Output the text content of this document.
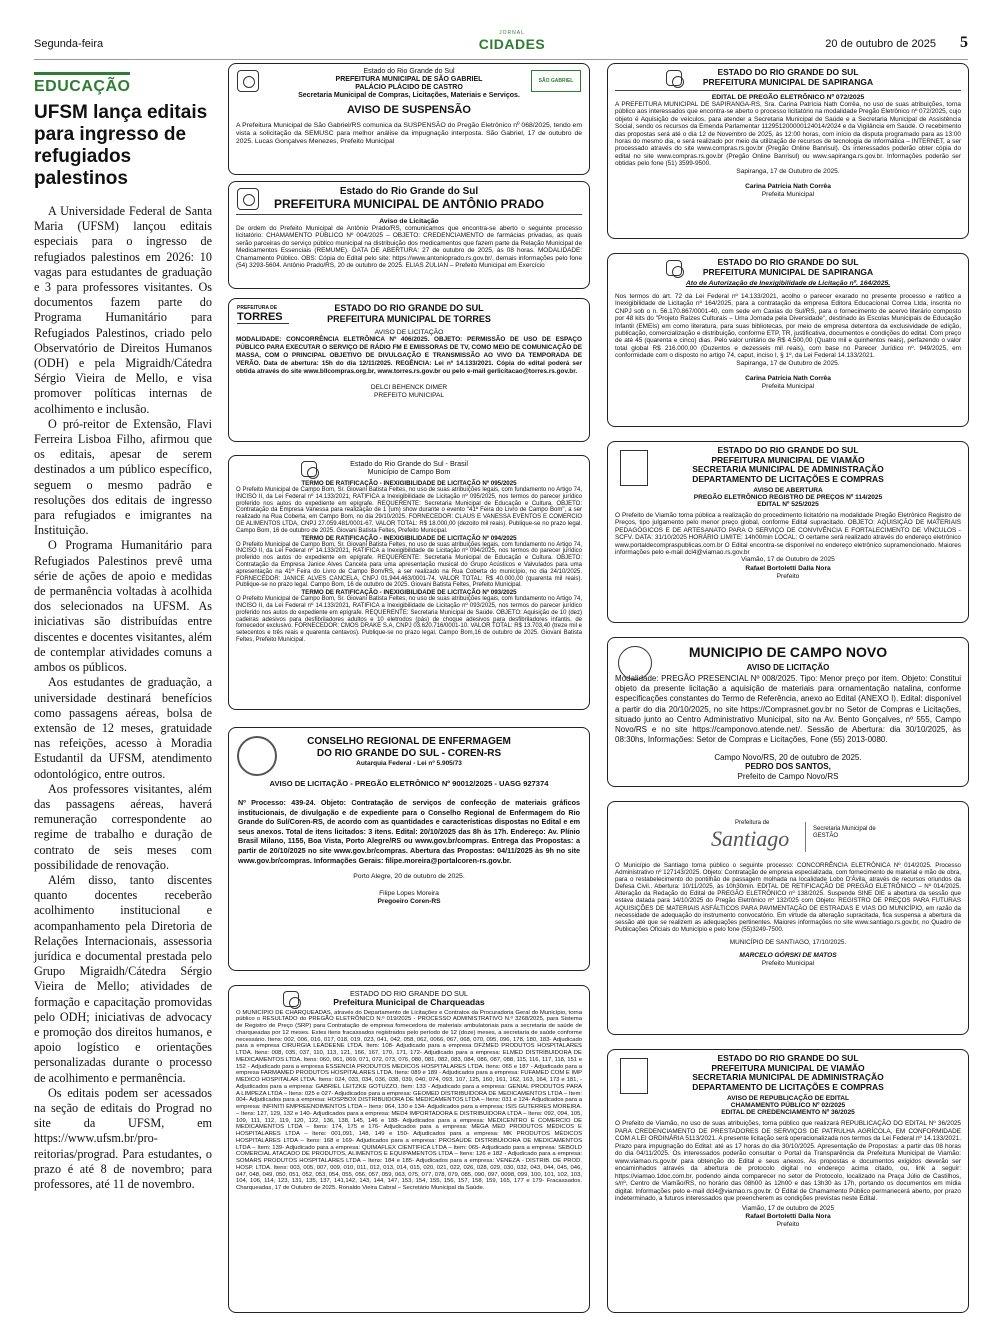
Segunda-feira
JORNAL
CIDADES	20 de outubro de 2025 5
EDUCAÇÃO
UFSM lança editais para ingresso de refugiados palestinos

A Universidade Federal de Santa Maria (UFSM) lançou editais especiais para o ingresso de refugiados palestinos em 2026: 10 vagas para estudantes de graduação e 3 para professores visitantes. Os documentos fazem parte do Programa Humanitário para Refugiados Palestinos, criado pelo Observatório de Direitos Humanos (ODH) e pela Migraidh/Cátedra Sérgio Vieira de Mello, e visa promover políticas internas de acolhimento e inclusão.

O pró-reitor de Extensão, Flavi Ferreira Lisboa Filho, afirmou que os editais, apesar de serem destinados a um público específico, seguem o mesmo padrão e resoluções dos editais de ingresso para refugiados e imigrantes na Instituição.

O Programa Humanitário para Refugiados Palestinos prevê uma série de ações de apoio e medidas de permanência voltadas à acolhida dos selecionados na UFSM. As iniciativas são distribuídas entre discentes e docentes visitantes, além de contemplar atividades comuns a ambos os públicos.

Aos estudantes de graduação, a universidade destinará benefícios como passagens aéreas, bolsa de extensão de 12 meses, gratuidade nas refeições, acesso à Moradia Estudantil da UFSM, atendimento odontológico, entre outros.

Aos professores visitantes, além das passagens aéreas, haverá remuneração correspondente ao regime de trabalho e duração de contrato de seis meses com possibilidade de renovação.

Além disso, tanto discentes quanto docentes receberão acolhimento institucional e acompanhamento pela Diretoria de Relações Internacionais, assessoria jurídica e documental prestada pelo Grupo Migraidh/Cátedra Sérgio Vieira de Mello; atividades de formação e capacitação promovidas pelo ODH; iniciativas de advocacy e promoção dos direitos humanos, e apoio logístico e orientações personalizadas durante o processo de acolhimento e permanência.

Os editais podem ser acessados na seção de editais do Prograd no site da UFSM, em https://www.ufsm.br/pro-reitorias/prograd. Para estudantes, o prazo é até 8 de novembro; para professores, até 11 de novembro.

SÃO GABRIEL
Estado do Rio Grande do Sul
PREFEITURA MUNICIPAL DE SÃO GABRIEL
PALÁCIO PLÁCIDO DE CASTRO
Secretaria Municipal de Compras, Licitações, Materiais e Serviços.
AVISO DE SUSPENSÃO
A Prefeitura Municipal de São Gabriel/RS comunica da SUSPENSÃO do Pregão Eletrônico nº 068/2025, tendo em vista a solicitação da SEMUSC para melhor análise da impugnação interposta. São Gabriel, 17 de outubro de 2025. Lucas Gonçalves Menezes, Prefeito Municipal
Estado do Rio Grande do Sul
PREFEITURA MUNICIPAL DE ANTÔNIO PRADO
Aviso de Licitação
De ordem do Prefeito Municipal de Antônio Prado/RS, comunicamos que encontra-se aberto o seguinte processo licitatório: CHAMAMENTO PÚBLICO Nº 004/2025 – OBJETO: CREDENCIAMENTO de farmácias privadas, as quais serão parceiras do serviço público municipal na distribuição dos medicamentos que fazem parte da Relação Municipal de Medicamentos Essenciais (REMUME). DATA DE ABERTURA: 27 de outubro de 2025, às 08 horas. MODALIDADE: Chamamento Público. OBS: Cópia do Edital pelo site: https://www.antonioprado.rs.gov.br/, demais informações pelo fone (54) 3293-5604. Antônio Prado/RS, 20 de outubro de 2025. ELIAS ZULIAN – Prefeito Municipal em Exercício
PREFEITURA DE
TORRES
ESTADO DO RIO GRANDE DO SUL
PREFEITURA MUNICIPAL DE TORRES
AVISO DE LICITAÇÃO
MODALIDADE: CONCORRÊNCIA ELETRÔNICA Nº 406/2025. OBJETO: PERMISSÃO DE USO DE ESPAÇO PÚBLICO PARA EXECUTAR O SERVIÇO DE RÁDIO FM E EMISSORAS DE TV, COMO MEIO DE COMUNICAÇÃO DE MASSA, COM O PRINCIPAL OBJETIVO DE DIVULGAÇÃO E TRANSMISSÃO AO VIVO DA TEMPORADA DE VERÃO. Data de abertura: 15h do dia 12/11/2025. REGÊNCIA: Lei nº 14.133/2021. Cópia do edital poderá ser obtida através do site www.bllcompras.org.br, www.torres.rs.gov.br ou pelo e-mail gerlicitacao@torres.rs.gov.br.
DELCI BEHENCK DIMER
PREFEITO MUNICIPAL
Estado do Rio Grande do Sul - Brasil
Município de Campo Bom
TERMO DE RATIFICAÇÃO - INEXIGIBILIDADE DE LICITAÇÃO Nº 095/2025
O Prefeito Municipal de Campo Bom, Sr. Giovani Batista Feltes, no uso de suas atribuições legais, com fundamento no Artigo 74, INCISO II, da Lei Federal nº 14.133/2021, RATIFICA a Inexigibilidade de Licitação nº 095/2025, nos termos do parecer jurídico proferido nos autos do expediente em epígrafe. REQUERENTE: Secretaria Municipal de Educação e Cultura. OBJETO: Contratação da Empresa Vanessa para realização de 1 (um) show durante o evento "41ª Feira do Livro de Campo Bom", a ser realizado na Rua Coberta, em Campo Bom, no dia 29/10/2025. FORNECEDOR: CLAUS E VANESSA EVENTOS E COMERCIO DE ALIMENTOS LTDA, CNPJ 27.059.481/0001-67. VALOR TOTAL: R$ 18.000,00 (dezoito mil reais). Publique-se no prazo legal. Campo Bom, 16 de outubro de 2025. Giovani Batista Feltes, Prefeito Municipal.
TERMO DE RATIFICAÇÃO - INEXIGIBILIDADE DE LICITAÇÃO Nº 094/2025
O Prefeito Municipal de Campo Bom, Sr. Giovani Batista Feltes, no uso de suas atribuições legais, com fundamento no Artigo 74, INCISO II, da Lei Federal nº 14.133/2021, RATIFICA a Inexigibilidade de Licitação nº 094/2025, nos termos do parecer jurídico proferido nos autos do expediente em epígrafe. REQUERENTE: Secretaria Municipal de Educação e Cultura. OBJETO: Contratação da Empresa Janice Alves Cancela para uma apresentação musical do Grupo Acústicos e Valvulados para uma apresentação na 41ª Feira do Livro de Campo Bom/RS, a ser realizado na Rua Coberta do município, no dia 24/10/2025. FORNECEDOR: JANICE ALVES CANCELA, CNPJ 01.944.463/0001-74. VALOR TOTAL: R$ 40.000,00 (quarenta mil reais). Publique-se no prazo legal. Campo Bom, 16 de outubro de 2025. Giovani Batista Feltes, Prefeito Municipal.
TERMO DE RATIFICAÇÃO - INEXIGIBILIDADE DE LICITAÇÃO Nº 093/2025
O Prefeito Municipal de Campo Bom, Sr. Giovani Batista Feltes, no uso de suas atribuições legais, com fundamento no Artigo 74, INCISO II, da Lei Federal nº 14.133/2021, RATIFICA a Inexigibilidade de Licitação nº 093/2025, nos termos do parecer jurídico proferido nos autos do expediente em epígrafe. REQUERENTE: Secretaria Municipal de Saúde. OBJETO: Aquisição de 10 (dez) cadeiras adesivos para desfibriladores adultos e 10 eletrodos (pás) de choque adesivos para desfibriladores infantis, de fornecedor exclusivo. FORNECEDOR: CMOS DRAKE S.A, CNPJ 03.620.716/0001-10. VALOR TOTAL: R$ 13.703,40 (treze mil e setecentos e três reais e quarenta centavos). Publique-se no prazo legal. Campo Bom,16 de outubro de 2025. Giovani Batista Feltes, Prefeito Municipal.
CONSELHO REGIONAL DE ENFERMAGEM
DO RIO GRANDE DO SUL - COREN-RS
Autarquia Federal - Lei nº 5.905/73
AVISO DE LICITAÇÃO - PREGÃO ELETRÔNICO Nº 90012/2025 - UASG 927374
Nº Processo: 439-24. Objeto: Contratação de serviços de confecção de materiais gráficos institucionais, de divulgação e de expediente para o Conselho Regional de Enfermagem do Rio Grande do Sul/Coren-RS, de acordo com as quantidades e características dispostas no Edital e em seus anexos. Total de itens licitados: 3 itens. Edital: 20/10/2025 das 8h às 17h. Endereço: Av. Plínio Brasil Milano, 1155, Boa Vista, Porto Alegre/RS ou www.gov.br/compras. Entrega das Propostas: a partir de 20/10/2025 no site www.gov.br/compras. Abertura das Propostas: 04/11/2025 às 9h no site www.gov.br/compras. Informações Gerais: filipe.moreira@portalcoren-rs.gov.br.
Porto Alegre, 20 de outubro de 2025.
Filipe Lopes Moreira
Pregoeiro Coren-RS
ESTADO DO RIO GRANDE DO SUL
Prefeitura Municipal de Charqueadas
O MUNICÍPIO DE CHARQUEADAS, através do Departamento de Licitações e Contratos da Procuradoria Geral do Município, torna público o RESULTADO do PREGÃO ELETRÔNICO N.º 019/2025 - PROCESSO ADMINISTRATIVO N.º 3268/2025, para Sistema de Registro de Preço (SRP) para Contratação de empresa fornecedora de materiais ambulatoriais para a secretaria de saúde de charqueadas por 12 meses. Estes itens fracassados registrados pelo período de 12 (doze) meses, a secretaria de saúde conforme necessário. Itens: 002, 006, 016, 017, 018, 019, 023, 041, 042, 058, 062, 0066, 067, 068, 070, 095, 096, 178, 180, 183- Adjudicado para a empresa CIRURGIA LEADEENE LTDA. Item: 108- Adjudicado para a empresa DFZMED PRODUTOS HOSPITALARES LTDA. Itens: 008, 035, 037, 110, 113, 121, 166, 167, 170, 171, 172- Adjudicado para a empresa: ELMED DISTRIBUIDORA DE MEDICAMENTOS LTDA. Itens: 060, 061, 069, 071, 072, 073, 076, 080, 081, 082, 083, 084, 086, 087, 088, 115, 116, 117, 118, 151 e 152 - Adjudicado para a empresa ESSENCIA PRODUTOS MEDICOS HOSPITALARES LTDA. Itens: 065 e 187 - Adjudicado para a empresa FARMAMED PRODUTOS HOSPITALARES LTDA. Itens: 089 e 189 - Adjudicados para a empresa: FUFAMED COM E IMP MEDICO HOSPITALAR LTDA. Itens: 024, 033, 034, 036, 038, 039, 040, 074, 093, 107, 125, 160, 161, 162, 163, 164, 173 e 181, - Adjudicados para a empresa: GABRIEL LEITZKE GOTUZZO. Item: 133 - Adjudicado para a empresa: GENIAL PRODUTOS PARA A LIMPEZA LTDA – Itens: 025 e 027- Adjudicados para a empresa: GEOMED DISTRIBUIDORA DE MEDICAMENTOS LTDA – Item: 004- Adjudicados para a empresa: HOSPBOX DISTRIBUIDORA DE MEDICAMENTOS LTDA – Itens: 031 e 124- Adjudicados para a empresa: INFINITI EMPREENDIMENTOS LTDA – Itens: 064, 130 e 134- Adjudicados para a empresa: ISIS GUTERRES MOREIRA. – Itens: 127, 129, 132 e 140- Adjudicados para a empresa: MED4 IMPORTADORA E DISTRIBUIDORA LTDA – Itens: 092, 094, 105, 109, 111, 112, 119, 120, 122, 136, 138, 145, 146 e 188- Adjudicados para a empresa: MEDICENTRO E COMERCIO DE MEDICAMENTOS LTDA – Itens: 174, 175 e 176- Adjudicados para a empresa: MEGA MED PRODUTOS MÉDICOS E HOSPITALARES LTDA – Itens: 001,091, 148, 149 e 150- Adjudicados para a empresa: MK PRODUTOS MÉDICOS HOSPITALARES LTDA – Itens: 168 e 169- Adjudicados para a empresa: PROSAUDE DISTRIBUIDORA DE MEDICAMENTOS LTDA – Item: 139- Adjudicado para a empresa: QUIMAFLEX CIENTIFICA LTDA – Item: 065- Adjudicado para a empresa: SEBOLD COMERCIAL ATACADO DE PRODUTOS, ALIMENTOS E EQUIPAMENTOS LTDA – Itens: 126 e 182 - Adjudicado para a empresa: SOMARS PRODUTOS HOSPITALARES LTDA – Itens: 184 e 185- Adjudicados para a empresa: VENEZA - DISTRIB. DE PROD. HOSP. LTDA. Itens: 003, 005, 007, 009, 010, 011, 012, 013, 014, 015, 020, 021, 022, 026, 028, 029, 030, 032, 043, 044, 045, 046, 047, 048, 049, 050, 051, 052, 053, 054, 055, 056, 057, 059, 063, 075, 077, 078, 079, 085, 090, 097, 0098, 099, 100, 101, 102, 103, 104, 106, 114, 123, 131, 135, 137, 141,142, 143, 144, 147, 153, 154, 155, 156, 157, 158, 159, 165, 177 e 179- Fracassados. Charqueadas, 17 de Outubro de 2025. Ronaldo Vieira Cabral – Secretário Municipal da Saúde.
ESTADO DO RIO GRANDE DO SUL
PREFEITURA MUNICIPAL DE SAPIRANGA
EDITAL DE PREGÃO ELETRÔNICO Nº 072/2025
A PREFEITURA MUNICIPAL DE SAPIRANGA-RS, Sra. Carina Patrícia Nath Corrêa, no uso de suas atribuições, torna público aos interessados que encontra-se aberto o processo licitatório na modalidade Pregão Eletrônico nº 072/2025, cujo objeto é Aquisição de veículos, para atender a Secretaria Municipal de Saúde e a Secretaria Municipal de Assistência Social, sendo os recursos da Emenda Parlamentar 112951200000124014/2024 e da Vigilância em Saúde. O recebimento das propostas será até o dia 12 de Novembro de 2025, às 12:00 horas, com início da disputa programado para as 13:00 horas do mesmo dia, e será realizado por meio da utilização de recursos de tecnologia de informática – INTERNET, a ser processado através do site www.compras.rs.gov.br (Pregão Online Banrisul). Os interessados poderão obter cópia do edital no site www.compras.rs.gov.br (Pregão Online Banrisul) ou www.sapiranga.rs.gov.br. Informações poderão ser obtidas pelo fone (51) 3599-9500.
Sapiranga, 17 de Outubro de 2025.
Carina Patrícia Nath Corrêa
Prefeita Municipal
ESTADO DO RIO GRANDE DO SUL
PREFEITURA MUNICIPAL DE SAPIRANGA
Ato de Autorização de Inexigibilidade de Licitação nº. 164/2025.
Nos termos do art. 72 da Lei Federal nº 14.133/2021, acolho o parecer exarado no presente processo e ratifico a Inexigibilidade de Licitação nº 164/2025, para a contratação da empresa Editora Educacional Correa Ltda, inscrita no CNPJ sob o n. 56.170.867/0001-40, com sede em Caxias do Sul/RS, para o fornecimento de acervo literário composto por 48 kits do "Projeto Raízes Culturais – Uma Jornada pela Diversidade", destinado às Escolas Municipais de Educação Infantil (EMEIs) em como literatura, para suas bibliotecas, por meio de empresa detentora da exclusividade de edição, publicação, comercialização e distribuição, conforme ETP, TR, justificativa, documentos e condições do edital. Com preço de até 45 (quarenta e cinco) dias. Pelo valor unitário de R$ 4.500,00 (Quatro mil e quinhentos reais), perfazendo o valor total global R$ 216.000,00 (Duzentos e dezesseis mil reais), com base no Parecer Jurídico nº. 949/2025, em conformidade com o disposto no artigo 74, caput, inciso I, § 1º, da Lei Federal 14.133/2021.
Sapiranga, 17 de Outubro de 2025.
Carina Patrícia Nath Corrêa
Prefeita Municipal
ESTADO DO RIO GRANDE DO SUL
PREFEITURA MUNICIPAL DE VIAMÃO
SECRETARIA MUNICIPAL DE ADMINISTRAÇÃO
DEPARTAMENTO DE LICITAÇÕES E COMPRAS
AVISO DE ABERTURA
PREGÃO ELETRÔNICO REGISTRO DE PREÇOS Nº 114/2025
EDITAL Nº 525/2025
O Prefeito de Viamão torna pública a realização do procedimento licitatório na modalidade Pregão Eletrônico Registro de Preços, tipo julgamento pelo menor preço global, conforme Edital supracitado. OBJETO: AQUISIÇÃO DE MATERIAIS PEDAGÓGICOS E DE ARTESANATO PARA O SERVIÇO DE CONVIVÊNCIA E FORTALECIMENTO DE VÍNCULOS - SCFV. DATA: 31/10/2025 HORÁRIO LIMITE: 14h00min LOCAL: O certame será realizado através do endereço eletrônico www.portaldecompraspublicas.com.br O Edital encontra-se disponível no endereço eletrônico supramencionado. Maiores informações pelo e-mail dcl4@viamao.rs.gov.br
Viamão, 17 de Outubro de 2025
Rafael Bortoletti Dalla Nora
Prefeito
MUNICIPIO DE CAMPO NOVO
AVISO DE LICITAÇÃO
Modalidade: PREGÃO PRESENCIAL Nº 008/2025. Tipo: Menor preço por item. Objeto: Constitui objeto da presente licitação a aquisição de materiais para ornamentação natalina, conforme especificações constantes do Termo de Referência, anexo ao Edital (ANEXO I). Edital: disponível a partir do dia 20/10/2025, no site https://Comprasnet.gov.br no Setor de Compras e Licitações, situado junto ao Centro Administrativo Municipal, sito na Av. Bento Gonçalves, nº 555, Campo Novo/RS e no site https://camponovo.atende.net/. Sessão de Abertura: dia 30/10/2025, às 08:30hs, Informações: Setor de Compras e Licitações, Fone (55) 2013-0080.
Campo Novo/RS, 20 de outubro de 2025.
PEDRO DOS SANTOS,
Prefeito de Campo Novo/RS
Prefeitura de
Santiago	Secretaria Municipal de GESTÃO
O Município de Santiago torna público o seguinte processo: CONCORRÊNCIA ELETRÔNICA Nº 014/2025. Processo Administrativo nº 127143/2025. Objeto: Contratação de empresa especializada, com fornecimento de material e mão de obra, para o restabelecimento do pontilhão de passagem molhada na localidade Lobo D'Ávila, através de recursos oriundos da Defesa Civil.. Abertura: 10/11/2025, às 10h30min. EDITAL DE RETIFICAÇÃO DE PREGÃO ELETRÔNICO – Nº 014/2025. Alteração da Redação do Edital de PREGÃO ELETRÔNICO nº 138/2025. Suspende SINE DIE a abertura da sessão que estava datada para 14/10/2025 do Pregão Eletrônico nº 132/025 com Objeto: REGISTRO DE PREÇOS PARA FUTURAS AQUISIÇÕES DE MATERIAIS ASFÁLTICOS PARA PAVIMENTAÇÃO DE ESTRADAS E VIAS DO MUNICÍPIO, em razão da necessidade de adequação do instrumento convocatório. Em virtude da alteração supracitada, fica suspensa a abertura da sessão até que se realizem as adequações pertinentes. Maiores informações no site www.santiago.rs.gov.br, no Quadro de Publicações Oficiais do Município e pelo fone (55)3249-7500.
MUNICÍPIO DE SANTIAGO, 17/10/2025.
MARCELO GÓRSKI DE MATOS
Prefeito Municipal
ESTADO DO RIO GRANDE DO SUL
PREFEITURA MUNICIPAL DE VIAMÃO
SECRETARIA MUNICIPAL DE ADMINISTRAÇÃO
DEPARTAMENTO DE LICITAÇÕES E COMPRAS
AVISO DE REPUBLICAÇÃO DE EDITAL
CHAMAMENTO PÚBLICO Nº 02/2025
EDITAL DE CREDENCIAMENTO Nº 36/2025
O Prefeito de Viamão, no uso de suas atribuições, torna público que realizará REPUBLICAÇÃO DO EDITAL Nº 36/2025 PARA CREDENCIAMENTO DE PRESTADORES DE SERVIÇOS DE PATRULHA AGRÍCOLA, EM CONFORMIDADE COM A LEI ORDINÁRIA 5113/2021. A presente licitação será operacionalizada nos termos da Lei Federal nº 14.133/2021. Prazo para impugnação do Edital: até as 17 horas do dia 30/10/2025. Apresentação de Propostas: a partir das 08 horas do dia 04/11/2025. Os interessados poderão consultar o Portal da Transparência da Prefeitura Municipal de Viamão: www.viamao.rs.gov.br para obtenção do Edital e seus anexos. As propostas e documentos exigidos deverão ser encaminhados através da abertura de protocolo digital no endereço acima citado, ou, link a seguir: https://viamao.1doc.com.br, podendo ainda comparecer no setor de Protocolo, localizado na Praça Júlio de Castilhos, s/nº, Centro de Viamão/RS, no horário das 08h00 às 12h00 e das 13h30 às 17h, portando os documentos em mídia digital. Informações pelo e-mail dcl4@viamao.rs.gov.br. O Edital de Chamamento Público permanecerá aberto, por prazo indeterminado, a futuros interessados que preencherem as condições previstas neste Edital.
Viamão, 17 de outubro de 2025
Rafael Bortoletti Dalla Nora
Prefeito
